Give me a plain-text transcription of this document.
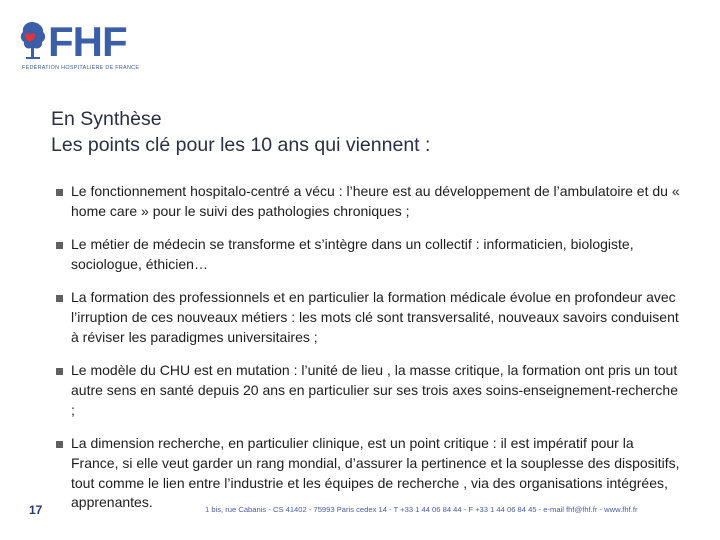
FHF
FÉDÉRATION HOSPITALIÈRE DE FRANCE
En Synthèse
Les points clé pour les 10 ans qui viennent :
Le fonctionnement hospitalo-centré a vécu : l’heure est au développement de l’ambulatoire et du « home care » pour le suivi des pathologies chroniques ;
Le métier de médecin se transforme et s’intègre dans un collectif : informaticien, biologiste, sociologue, éthicien…
La formation des professionnels et en particulier la formation médicale évolue en profondeur avec l’irruption de ces nouveaux métiers : les mots clé sont transversalité, nouveaux savoirs conduisent à réviser les paradigmes universitaires ;
Le modèle du CHU est en mutation : l’unité de lieu , la masse critique, la formation ont pris un tout autre sens en santé depuis 20 ans en particulier sur ses trois axes soins-enseignement-recherche ;
La dimension recherche, en particulier clinique, est un point critique : il est impératif pour la France, si elle veut garder un rang mondial, d’assurer la pertinence et la souplesse des dispositifs, tout comme le lien entre l’industrie et les équipes de recherche , via des organisations intégrées, apprenantes.
17	1 bis, rue Cabanis - CS 41402 - 75993 Paris cedex 14 - T +33 1 44 06 84 44 - F +33 1 44 06 84 45 - e-mail fhf@fhf.fr - www.fhf.fr
